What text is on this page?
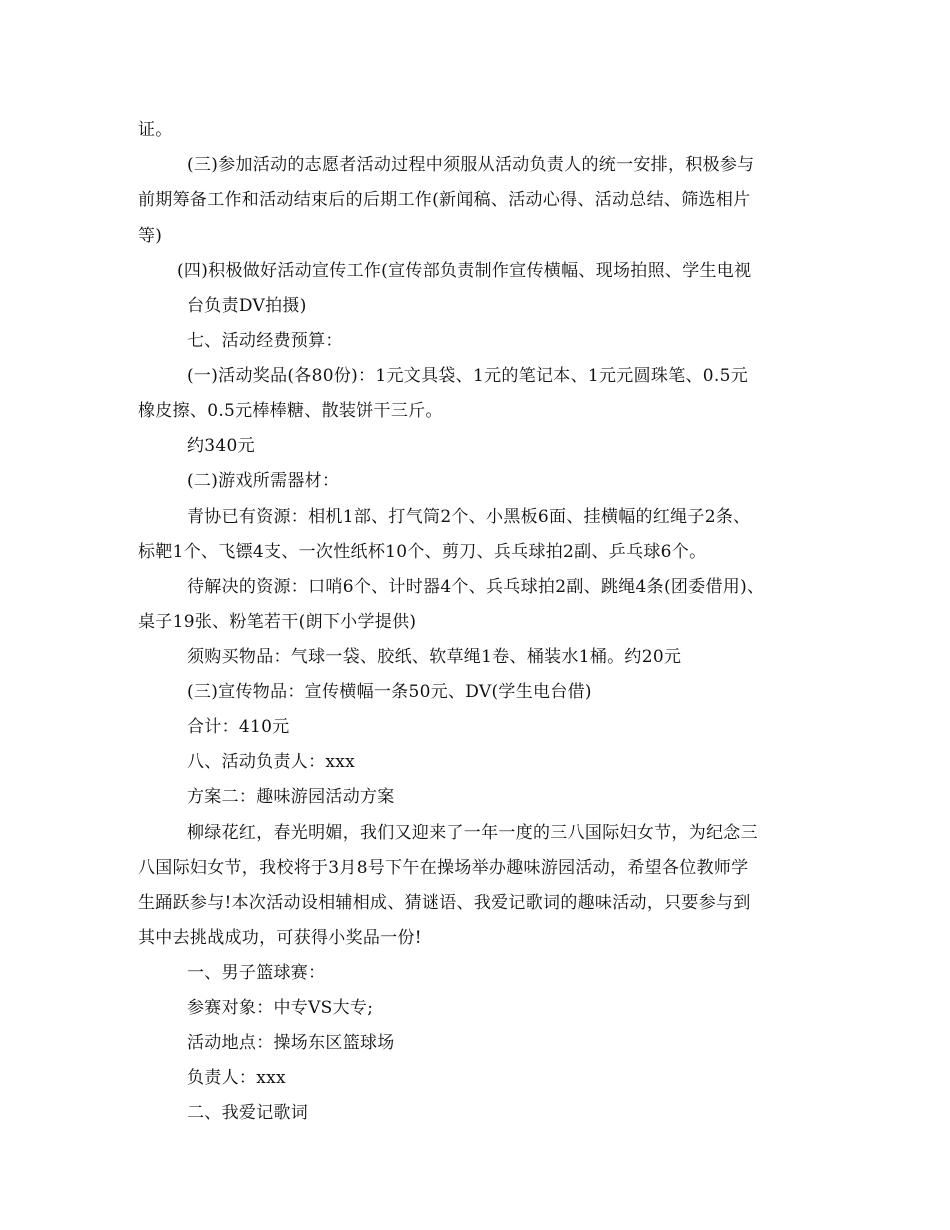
证。
(三)参加活动的志愿者活动过程中须服从活动负责人的统一安排，积极参与
前期筹备工作和活动结束后的后期工作(新闻稿、活动心得、活动总结、筛选相片
等)
(四)积极做好活动宣传工作(宣传部负责制作宣传横幅、现场拍照、学生电视
台负责DV拍摄)
七、活动经费预算：
(一)活动奖品(各80份)：1元文具袋、1元的笔记本、1元元圆珠笔、0.5元
橡皮擦、0.5元棒棒糖、散装饼干三斤。
约340元
(二)游戏所需器材：
青协已有资源：相机1部、打气筒2个、小黑板6面、挂横幅的红绳子2条、
标靶1个、飞镖4支、一次性纸杯10个、剪刀、兵乓球拍2副、乒乓球6个。
待解决的资源：口哨6个、计时器4个、兵乓球拍2副、跳绳4条(团委借用)、
桌子19张、粉笔若干(朗下小学提供)
须购买物品：气球一袋、胶纸、软草绳1卷、桶装水1桶。约20元
(三)宣传物品：宣传横幅一条50元、DV(学生电台借)
合计：410元
八、活动负责人：xxx
方案二：趣味游园活动方案
柳绿花红，春光明媚，我们又迎来了一年一度的三八国际妇女节，为纪念三
八国际妇女节，我校将于3月8号下午在操场举办趣味游园活动，希望各位教师学
生踊跃参与!本次活动设相辅相成、猜谜语、我爱记歌词的趣味活动，只要参与到
其中去挑战成功，可获得小奖品一份!
一、男子篮球赛：
参赛对象：中专VS大专;
活动地点：操场东区篮球场
负责人：xxx
二、我爱记歌词
